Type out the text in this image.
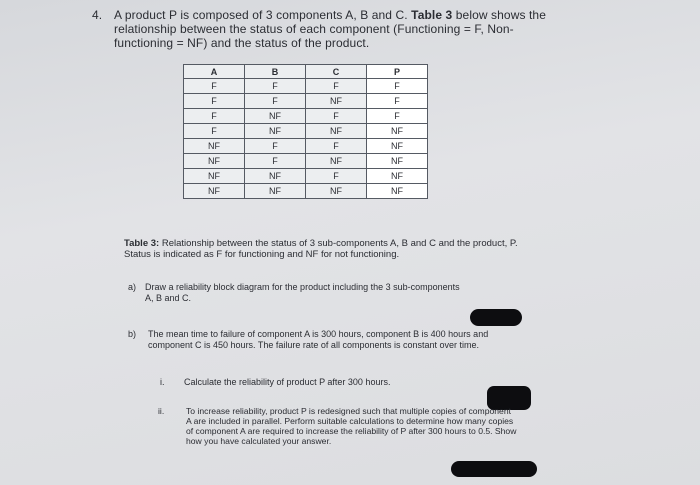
4. A product P is composed of 3 components A, B and C. Table 3 below shows the relationship between the status of each component (Functioning = F, Non-functioning = NF) and the status of the product.
A	B	C	P
F	F	F	F
F	F	NF	F
F	NF	F	F
F	NF	NF	NF
NF	F	F	NF
NF	F	NF	NF
NF	NF	F	NF
NF	NF	NF	NF
Table 3: Relationship between the status of 3 sub-components A, B and C and the product, P. Status is indicated as F for functioning and NF for not functioning.
a) Draw a reliability block diagram for the product including the 3 sub-components A, B and C.
b)	The mean time to failure of component A is 300 hours, component B is 400 hours and component C is 450 hours. The failure rate of all components is constant over time.
i.	Calculate the reliability of product P after 300 hours.
ii.	To increase reliability, product P is redesigned such that multiple copies of component A are included in parallel. Perform suitable calculations to determine how many copies of component A are required to increase the reliability of P after 300 hours to 0.5. Show how you have calculated your answer.
